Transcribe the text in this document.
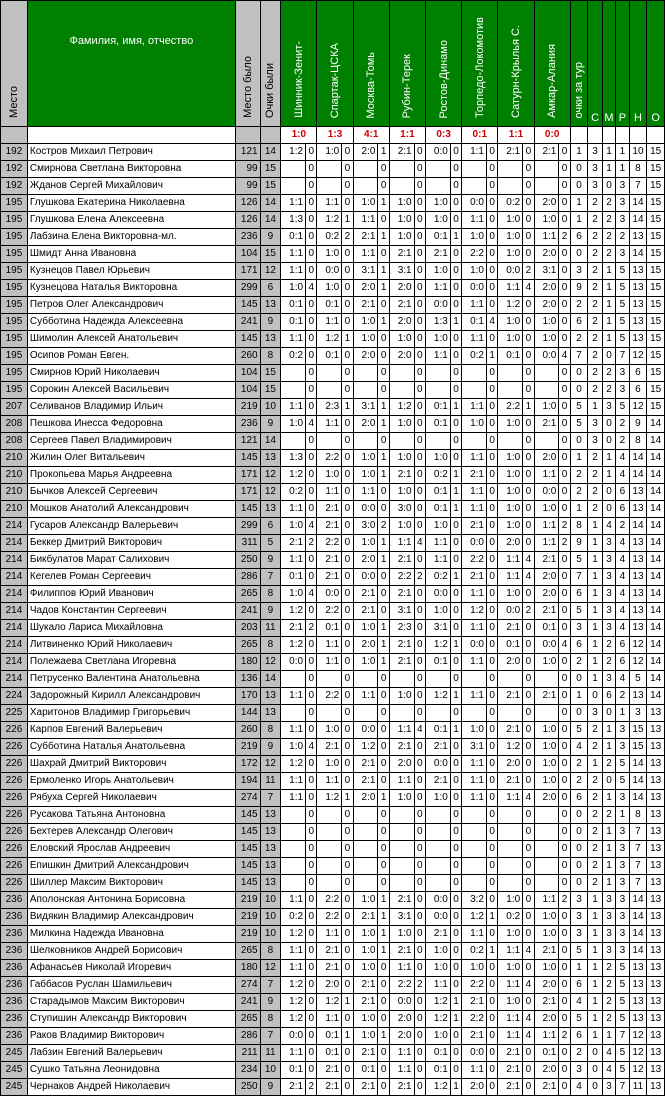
Место	Фамилия, имя, отчество	Место было	Очки были	Шинник-Зенит-		Спартак-ЦСКА		Москва-Томь		Рубин-Терек		Ростов-Динамо		Торпедо-Локомотив		Сатурн-Крылья С.		Амкар-Алания		очки за тур	С	М	Р	Н	О
				1:0		1:3		4:1		1:1		0:3		0:1		1:1		0:0							
192	Костров Михаил Петрович	121	14	1:2	0	1:0	0	2:0	1	2:1	0	0:0	0	1:1	0	2:1	0	2:1	0	1	3	1	1	10	15
192	Смирнова Светлана Викторовна	99	15		0		0		0		0		0		0		0		0	0	3	1	1	8	15
192	Жданов Сергей Михайлович	99	15		0		0		0		0		0		0		0		0	0	3	0	3	7	15
195	Глушкова Екатерина Николаевна	126	14	1:1	0	1:1	0	1:0	1	1:0	0	1:0	0	0:0	0	0:2	0	2:0	0	1	2	2	3	14	15
195	Глушкова Елена Алексеевна	126	14	1:3	0	1:2	1	1:1	0	1:0	0	1:0	0	1:1	0	1:0	0	1:0	0	1	2	2	3	14	15
195	Лабзина Елена Викторовна-мл.	236	9	0:1	0	0:2	2	2:1	1	1:0	0	0:1	1	1:0	0	1:0	0	1:1	2	6	2	2	2	13	15
195	Шмидт Анна Ивановна	104	15	1:1	0	1:0	0	1:1	0	2:1	0	2:1	0	2:2	0	1:0	0	2:0	0	0	2	2	3	14	15
195	Кузнецов Павел Юрьевич	171	12	1:1	0	0:0	0	3:1	1	3:1	0	1:0	0	1:0	0	0:0	2	3:1	0	3	2	1	5	13	15
195	Кузнецова Наталья Викторовна	299	6	1:0	4	1:0	0	2:0	1	2:0	0	1:1	0	0:0	0	1:1	4	2:0	0	9	2	1	5	13	15
195	Петров Олег Александрович	145	13	0:1	0	0:1	0	2:1	0	2:1	0	0:0	0	1:1	0	1:2	0	2:0	0	2	2	1	5	13	15
195	Субботина Надежда Алексеевна	241	9	0:1	0	1:1	0	1:0	1	2:0	0	1:3	1	0:1	4	1:0	0	1:0	0	6	2	1	5	13	15
195	Шимолин Алексей Анатольевич	145	13	1:1	0	1:2	1	1:0	0	1:0	0	1:0	0	1:1	0	1:0	0	1:0	0	2	2	1	5	13	15
195	Осипов Роман Евген.	260	8	0:2	0	0:1	0	2:0	0	2:0	0	1:1	0	0:2	1	0:1	0	0:0	4	7	2	0	7	12	15
195	Смирнов Юрий Николаевич	104	15		0		0		0		0		0		0		0		0	0	2	2	3	6	15
195	Сорокин Алексей Васильевич	104	15		0		0		0		0		0		0		0		0	0	2	2	3	6	15
207	Селиванов Владимир Ильич	219	10	1:1	0	2:3	1	3:1	1	1:2	0	0:1	1	1:1	0	2:2	1	1:0	0	5	1	3	5	12	15
208	Пешкова Инесса Федоровна	236	9	1:0	4	1:1	0	2:0	1	1:0	0	0:1	0	1:0	0	1:0	0	2:1	0	5	3	0	2	9	14
208	Сергеев Павел Владимирович	121	14		0		0		0		0		0		0		0		0	0	3	0	2	8	14
210	Жилин Олег Витальевич	145	13	1:3	0	2:2	0	1:0	1	1:0	0	1:0	0	1:1	0	1:0	0	2:0	0	1	2	1	4	14	14
210	Прокопьева Марья Андреевна	171	12	1:2	0	1:0	0	1:0	1	2:1	0	0:2	1	2:1	0	1:0	0	1:1	0	2	2	1	4	14	14
210	Бычков Алексей Сергеевич	171	12	0:2	0	1:1	0	1:1	0	1:0	0	0:1	1	1:1	0	1:0	0	0:0	0	2	2	0	6	13	14
210	Мошков Анатолий Александрович	145	13	1:1	0	2:1	0	0:0	0	3:0	0	0:1	1	1:1	0	1:0	0	1:0	0	1	2	0	6	13	14
214	Гусаров Александр Валерьевич	299	6	1:0	4	2:1	0	3:0	2	1:0	0	1:0	0	2:1	0	1:0	0	1:1	2	8	1	4	2	14	14
214	Беккер Дмитрий Викторович	311	5	2:1	2	2:2	0	1:0	1	1:1	4	1:1	0	0:0	0	2:0	0	1:1	2	9	1	3	4	13	14
214	Бикбулатов Марат Салихович	250	9	1:1	0	2:1	0	2:0	1	2:1	0	1:1	0	2:2	0	1:1	4	2:1	0	5	1	3	4	13	14
214	Кегелев Роман Сергеевич	286	7	0:1	0	2:1	0	0:0	0	2:2	2	0:2	1	2:1	0	1:1	4	2:0	0	7	1	3	4	13	14
214	Филиппов Юрий Иванович	265	8	1:0	4	0:0	0	2:1	0	2:1	0	0:0	0	1:1	0	1:0	0	2:0	0	6	1	3	4	13	14
214	Чадов Константин Сергеевич	241	9	1:2	0	2:2	0	2:1	0	3:1	0	1:0	0	1:2	0	0:0	2	2:1	0	5	1	3	4	13	14
214	Шукало Лариса Михайловна	203	11	2:1	2	0:1	0	1:0	1	2:3	0	3:1	0	1:1	0	2:1	0	0:1	0	3	1	3	4	13	14
214	Литвиненко Юрий Николаевич	265	8	1:2	0	1:1	0	2:0	1	2:1	0	1:2	1	0:0	0	0:1	0	0:0	4	6	1	2	6	12	14
214	Полежаева Светлана Игоревна	180	12	0:0	0	1:1	0	1:0	1	2:1	0	0:1	0	1:1	0	2:0	0	1:0	0	2	1	2	6	12	14
214	Петрусенко Валентина Анатольевна	136	14		0		0		0		0		0		0		0		0	0	1	3	4	5	14
224	Задорожный Кирилл Александрович	170	13	1:1	0	2:2	0	1:1	0	1:0	0	1:2	1	1:1	0	2:1	0	2:1	0	1	0	6	2	13	14
225	Харитонов Владимир Григорьевич	144	13		0		0		0		0		0		0		0		0	0	3	0	1	3	13
226	Карпов Евгений Валерьевич	260	8	1:1	0	1:0	0	0:0	0	1:1	4	0:1	1	1:0	0	2:1	0	1:0	0	5	2	1	3	15	13
226	Субботина Наталья Анатольевна	219	9	1:0	4	2:1	0	1:2	0	2:1	0	2:1	0	3:1	0	1:2	0	1:0	0	4	2	1	3	15	13
226	Шахрай Дмитрий Викторович	172	12	1:2	0	1:0	0	2:1	0	2:0	0	0:0	0	1:1	0	2:0	0	1:0	0	2	1	2	5	14	13
226	Ермоленко Игорь Анатольевич	194	11	1:1	0	1:1	0	2:1	0	1:1	0	2:1	0	1:1	0	2:1	0	1:0	0	2	2	0	5	14	13
226	Рябуха Сергей Николаевич	274	7	1:1	0	1:2	1	2:0	1	1:0	0	1:0	0	1:1	0	1:1	4	2:0	0	6	2	1	3	14	13
226	Русакова Татьяна Антоновна	145	13		0		0		0		0		0		0		0		0	0	2	2	1	8	13
226	Бехтерев Александр Олегович	145	13		0		0		0		0		0		0		0		0	0	2	1	3	7	13
226	Еловский Ярослав Андреевич	145	13		0		0		0		0		0		0		0		0	0	2	1	3	7	13
226	Епишкин Дмитрий Александрович	145	13		0		0		0		0		0		0		0		0	0	2	1	3	7	13
226	Шиллер Максим Викторович	145	13		0		0		0		0		0		0		0		0	0	2	1	3	7	13
236	Аполонская Антонина Борисовна	219	10	1:1	0	2:2	0	1:0	1	2:1	0	0:0	0	3:2	0	1:0	0	1:1	2	3	1	3	3	14	13
236	Видякин Владимир Александрович	219	10	0:2	0	2:2	0	2:1	1	3:1	0	0:0	0	1:2	1	0:2	0	1:0	0	3	1	3	3	14	13
236	Милкина Надежда Ивановна	219	10	1:2	0	1:1	0	1:0	1	1:0	0	2:1	0	1:1	0	1:0	0	1:0	0	3	1	3	3	14	13
236	Шелковников Андрей Борисович	265	8	1:1	0	2:1	0	1:0	1	2:1	0	1:0	0	0:2	1	1:1	4	2:1	0	5	1	3	3	14	13
236	Афанасьев Николай Игоревич	180	12	1:1	0	2:1	0	1:0	0	1:1	0	1:0	0	1:0	0	1:0	0	1:0	0	1	1	2	5	13	13
236	Габбасов Руслан Шамильевич	274	7	1:2	0	2:0	0	2:1	0	2:2	2	1:1	0	2:2	0	1:1	4	2:0	0	6	1	2	5	13	13
236	Старадымов Максим Викторович	241	9	1:2	0	1:2	1	2:1	0	0:0	0	1:2	1	2:1	0	1:0	0	2:1	0	4	1	2	5	13	13
236	Ступишин Александр Викторович	265	8	1:2	0	1:1	0	1:0	0	2:0	0	1:2	1	2:2	0	1:1	4	2:0	0	5	1	2	5	13	13
236	Раков Владимир Викторович	286	7	0:0	0	0:1	1	1:0	1	2:0	0	1:0	0	2:1	0	1:1	4	1:1	2	6	1	1	7	12	13
245	Лабзин Евгений Валерьевич	211	11	1:1	0	0:1	0	2:1	0	1:1	0	0:1	0	0:0	0	2:1	0	0:1	0	2	0	4	5	12	13
245	Сушко Татьяна Леонидовна	234	10	0:1	0	2:1	0	0:1	0	1:1	0	0:1	0	1:1	0	2:1	0	2:0	0	3	0	4	5	12	13
245	Чернаков Андрей Николаевич	250	9	2:1	2	2:1	0	2:1	0	2:1	0	1:2	1	2:0	0	2:1	0	2:1	0	4	0	3	7	11	13
